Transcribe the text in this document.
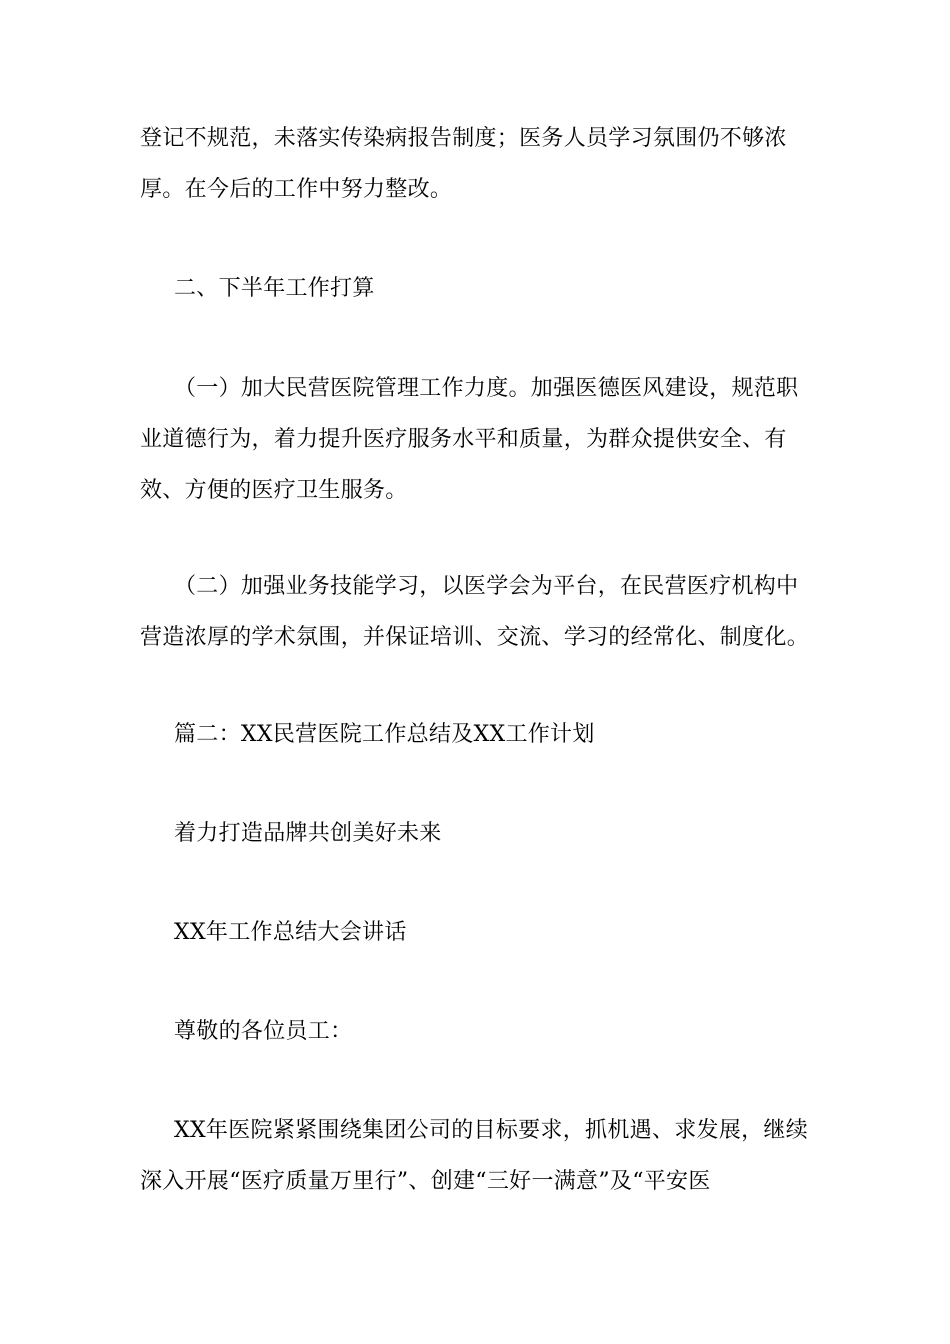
登记不规范，未落实传染病报告制度；医务人员学习氛围仍不够浓
厚。在今后的工作中努力整改。
二、下半年工作打算
（一）加大民营医院管理工作力度。加强医德医风建设，规范职
业道德行为，着力提升医疗服务水平和质量，为群众提供安全、有
效、方便的医疗卫生服务。
（二）加强业务技能学习，以医学会为平台，在民营医疗机构中
营造浓厚的学术氛围，并保证培训、交流、学习的经常化、制度化。
篇二：XX民营医院工作总结及XX工作计划
着力打造品牌共创美好未来
XX年工作总结大会讲话
尊敬的各位员工：
XX年医院紧紧围绕集团公司的目标要求，抓机遇、求发展，继续
深入开展“医疗质量万里行”、创建“三好一满意”及“平安医
